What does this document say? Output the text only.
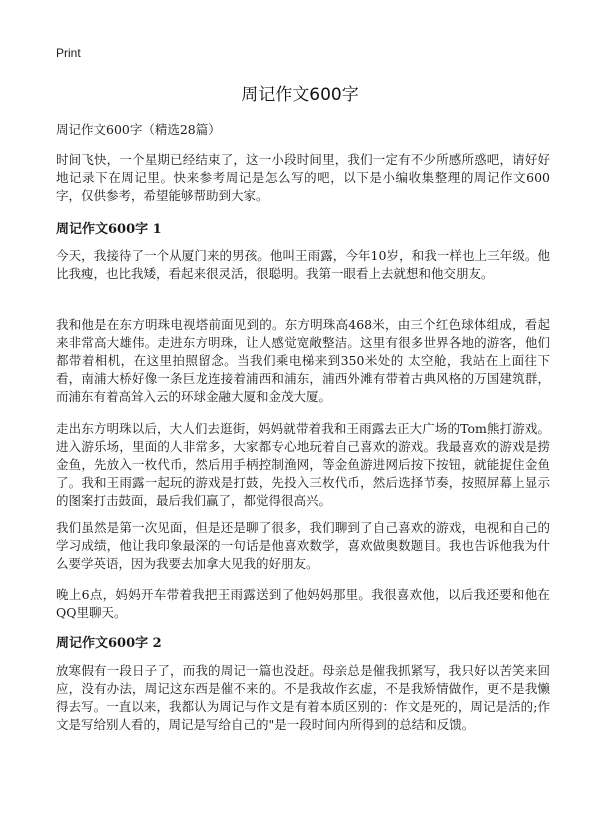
Print
周记作文600字
周记作文600字（精选28篇）

时间飞快，一个星期已经结束了，这一小段时间里，我们一定有不少所感所惑吧，请好好地记录下在周记里。快来参考周记是怎么写的吧，以下是小编收集整理的周记作文600字，仅供参考，希望能够帮助到大家。

周记作文600字 1

今天，我接待了一个从厦门来的男孩。他叫王雨露，今年10岁，和我一样也上三年级。他比我瘦，也比我矮，看起来很灵活，很聪明。我第一眼看上去就想和他交朋友。

我和他是在东方明珠电视塔前面见到的。东方明珠高468米，由三个红色球体组成，看起来非常高大雄伟。走进东方明珠，让人感觉宽敞整洁。这里有很多世界各地的游客，他们都带着相机，在这里拍照留念。当我们乘电梯来到350米处的 太空舱，我站在上面往下看，南浦大桥好像一条巨龙连接着浦西和浦东，浦西外滩有带着古典风格的万国建筑群，而浦东有着高耸入云的环球金融大厦和金茂大厦。

走出东方明珠以后，大人们去逛街，妈妈就带着我和王雨露去正大广场的Tom熊打游戏。进入游乐场，里面的人非常多，大家都专心地玩着自己喜欢的游戏。我最喜欢的游戏是捞金鱼，先放入一枚代币，然后用手柄控制渔网，等金鱼游进网后按下按钮，就能捉住金鱼了。我和王雨露一起玩的游戏是打鼓，先投入三枚代币，然后选择节奏，按照屏幕上显示的图案打击鼓面，最后我们赢了，都觉得很高兴。

我们虽然是第一次见面，但是还是聊了很多，我们聊到了自己喜欢的游戏，电视和自己的学习成绩，他让我印象最深的一句话是他喜欢数学，喜欢做奥数题目。我也告诉他我为什么要学英语，因为我要去加拿大见我的好朋友。

晚上6点，妈妈开车带着我把王雨露送到了他妈妈那里。我很喜欢他，以后我还要和他在QQ里聊天。

周记作文600字 2

放寒假有一段日子了，而我的周记一篇也没赶。母亲总是催我抓紧写，我只好以苦笑来回应，没有办法，周记这东西是催不来的。不是我故作玄虚，不是我矫情做作，更不是我懒得去写。一直以来，我都认为周记与作文是有着本质区别的：作文是死的，周记是活的;作文是写给别人看的，周记是写给自己的"是一段时间内所得到的总结和反馈。
